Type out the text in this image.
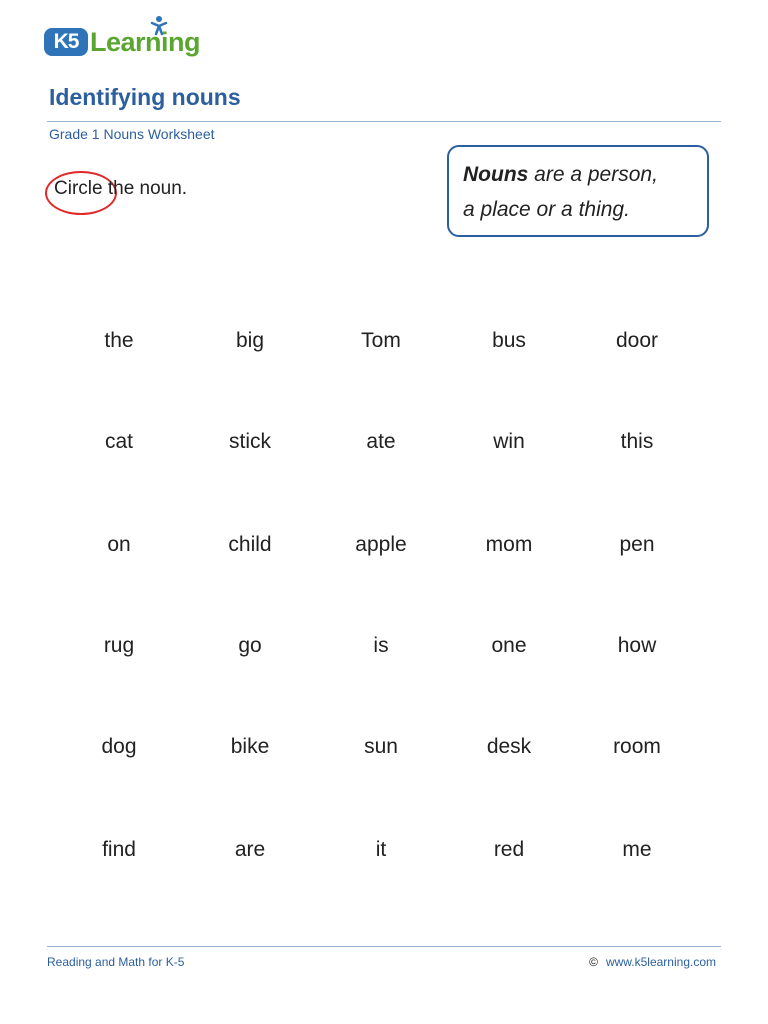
K5 Learning
Identifying nouns
Grade 1 Nouns Worksheet
Circle the noun.
Nouns are a person,
a place or a thing.
the	big	Tom	bus	door
cat	stick	ate	win	this
on	child	apple	mom	pen
rug	go	is	one	how
dog	bike	sun	desk	room
find	are	it	red	me
Reading and Math for K-5	© www.k5learning.com
